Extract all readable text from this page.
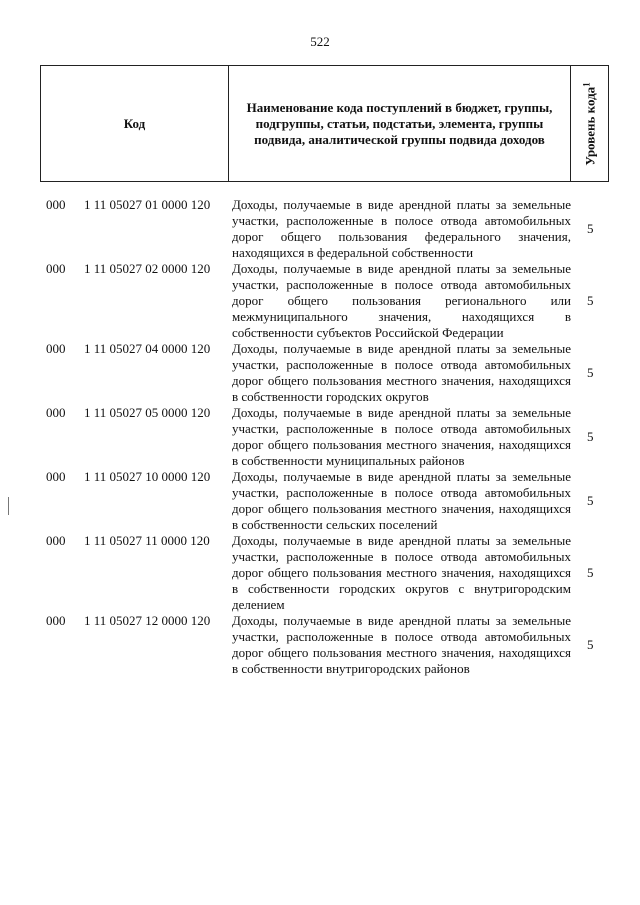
522
Код
Наименование кода поступлений в бюджет, группы, подгруппы, статьи, подстатьи, элемента, группы подвида, аналитической группы подвида доходов	Уровень кода$^1$
000 1 11 05027 01 0000 120 Доходы, получаемые в виде арендной платы за земельные участки, расположенные в полосе отвода автомобильных дорог общего пользования федерального значения, находящихся в федеральной собственности
5
000 1 11 05027 02 0000 120 Доходы, получаемые в виде арендной платы за земельные участки, расположенные в полосе отвода автомобильных дорог общего пользования регионального или межмуниципального значения, находящихся в собственности субъектов Российской Федерации
5
000 1 11 05027 04 0000 120 Доходы, получаемые в виде арендной платы за земельные участки, расположенные в полосе отвода автомобильных дорог общего пользования местного значения, находящихся в собственности городских округов
5
000 1 11 05027 05 0000 120 Доходы, получаемые в виде арендной платы за земельные участки, расположенные в полосе отвода автомобильных дорог общего пользования местного значения, находящихся в собственности муниципальных районов
5
000 1 11 05027 10 0000 120 Доходы, получаемые в виде арендной платы за земельные участки, расположенные в полосе отвода автомобильных дорог общего пользования местного значения, находящихся в собственности сельских поселений
5
000 1 11 05027 11 0000 120 Доходы, получаемые в виде арендной платы за земельные участки, расположенные в полосе отвода автомобильных дорог общего пользования местного значения, находящихся в собственности городских округов с внутригородским делением
5
000 1 11 05027 12 0000 120 Доходы, получаемые в виде арендной платы за земельные участки, расположенные в полосе отвода автомобильных дорог общего пользования местного значения, находящихся в собственности внутригородских районов
5
